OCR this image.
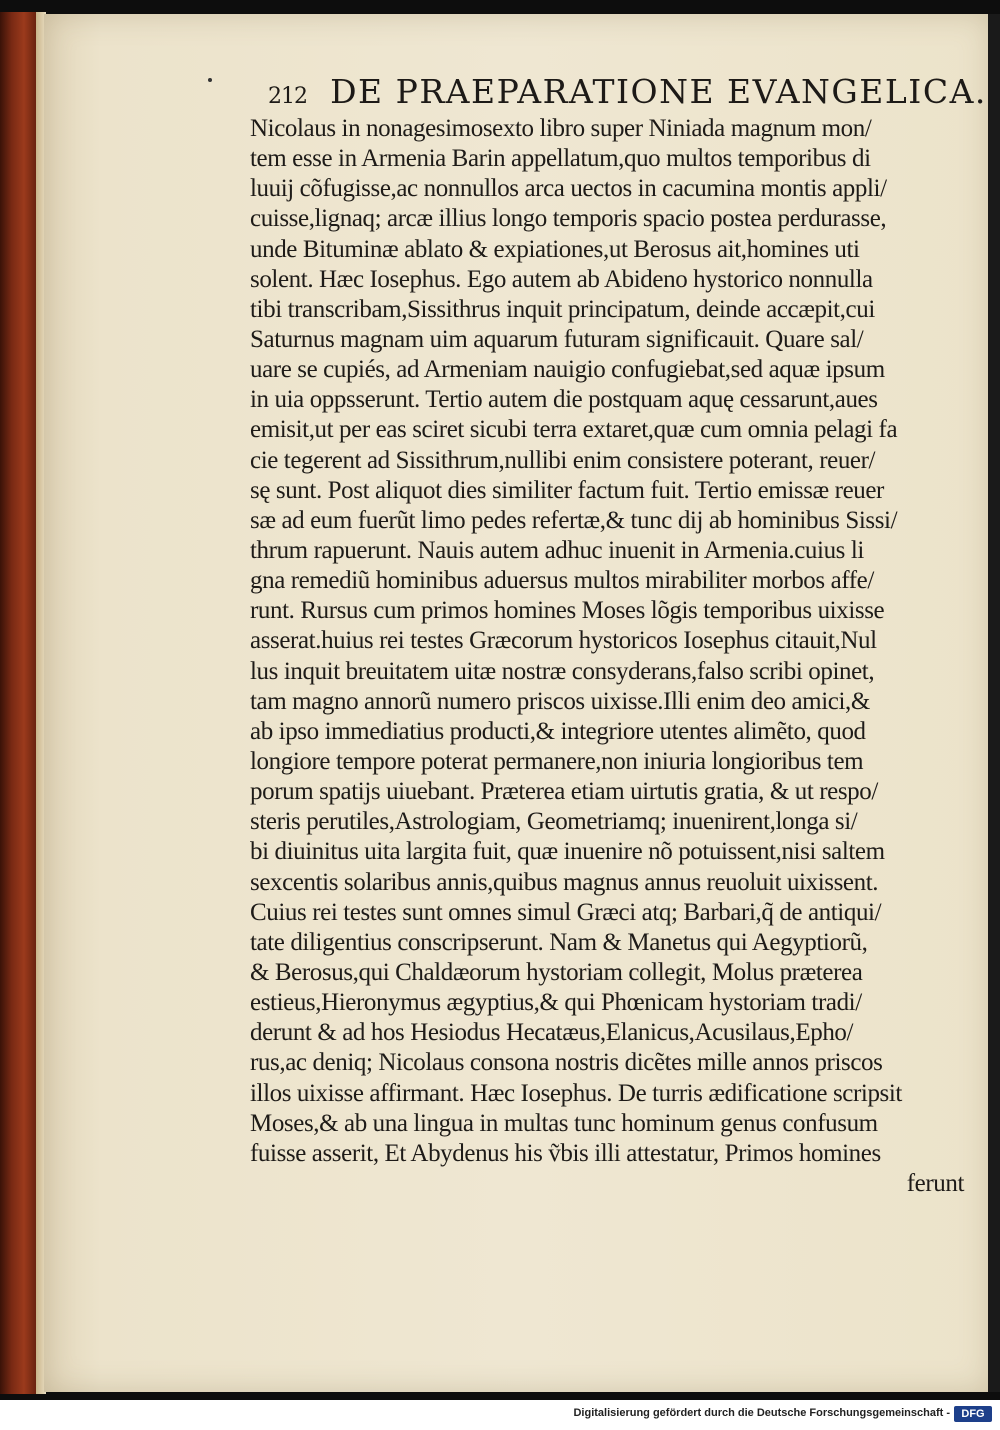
212 DE PRAEPARATIONE EVANGELICA.
Nicolaus in nonagesimosexto libro super Niniada magnum mon/
tem esse in Armenia Barin appellatum,quo multos temporibus di
luuij cõfugisse,ac nonnullos arca uectos in cacumina montis appli/
cuisse,lignaq; arcæ illius longo temporis spacio postea perdurasse,
unde Bituminæ ablato & expiationes,ut Berosus ait,homines uti
solent. Hæc Iosephus. Ego autem ab Abideno hystorico nonnulla
tibi transcribam,Sissithrus inquit principatum, deinde accæpit,cui
Saturnus magnam uim aquarum futuram significauit. Quare sal/
uare se cupiés, ad Armeniam nauigio confugiebat,sed aquæ ipsum
in uia oppsserunt. Tertio autem die postquam aquę cessarunt,aues
emisit,ut per eas sciret sicubi terra extaret,quæ cum omnia pelagi fa
cie tegerent ad Sissithrum,nullibi enim consistere poterant, reuer/
sę sunt. Post aliquot dies similiter factum fuit. Tertio emissæ reuer
sæ ad eum fuerũt limo pedes refertæ,& tunc dij ab hominibus Sissi/
thrum rapuerunt. Nauis autem adhuc inuenit in Armenia.cuius li
gna remediũ hominibus aduersus multos mirabiliter morbos affe/
runt. Rursus cum primos homines Moses lõgis temporibus uixisse
asserat.huius rei testes Græcorum hystoricos Iosephus citauit,Nul
lus inquit breuitatem uitæ nostræ consyderans,falso scribi opinet,
tam magno annorũ numero priscos uixisse.Illi enim deo amici,&
ab ipso immediatius producti,& integriore utentes alimẽto, quod
longiore tempore poterat permanere,non iniuria longioribus tem
porum spatijs uiuebant. Præterea etiam uirtutis gratia, & ut respo/
steris perutiles,Astrologiam, Geometriamq; inuenirent,longa si/
bi diuinitus uita largita fuit, quæ inuenire nõ potuissent,nisi saltem
sexcentis solaribus annis,quibus magnus annus reuoluit uixissent.
Cuius rei testes sunt omnes simul Græci atq; Barbari,q̃ de antiqui/
tate diligentius conscripserunt. Nam & Manetus qui Aegyptiorũ,
& Berosus,qui Chaldæorum hystoriam collegit, Molus præterea
estieus,Hieronymus ægyptius,& qui Phœnicam hystoriam tradi/
derunt & ad hos Hesiodus Hecatæus,Elanicus,Acusilaus,Epho/
rus,ac deniq; Nicolaus consona nostris dicẽtes mille annos priscos
illos uixisse affirmant. Hæc Iosephus. De turris ædificatione scripsit
Moses,& ab una lingua in multas tunc hominum genus confusum
fuisse asserit, Et Abydenus his ṽbis illi attestatur, Primos homines
ferunt
Digitalisierung gefördert durch die Deutsche Forschungsgemeinschaft -	DFG
